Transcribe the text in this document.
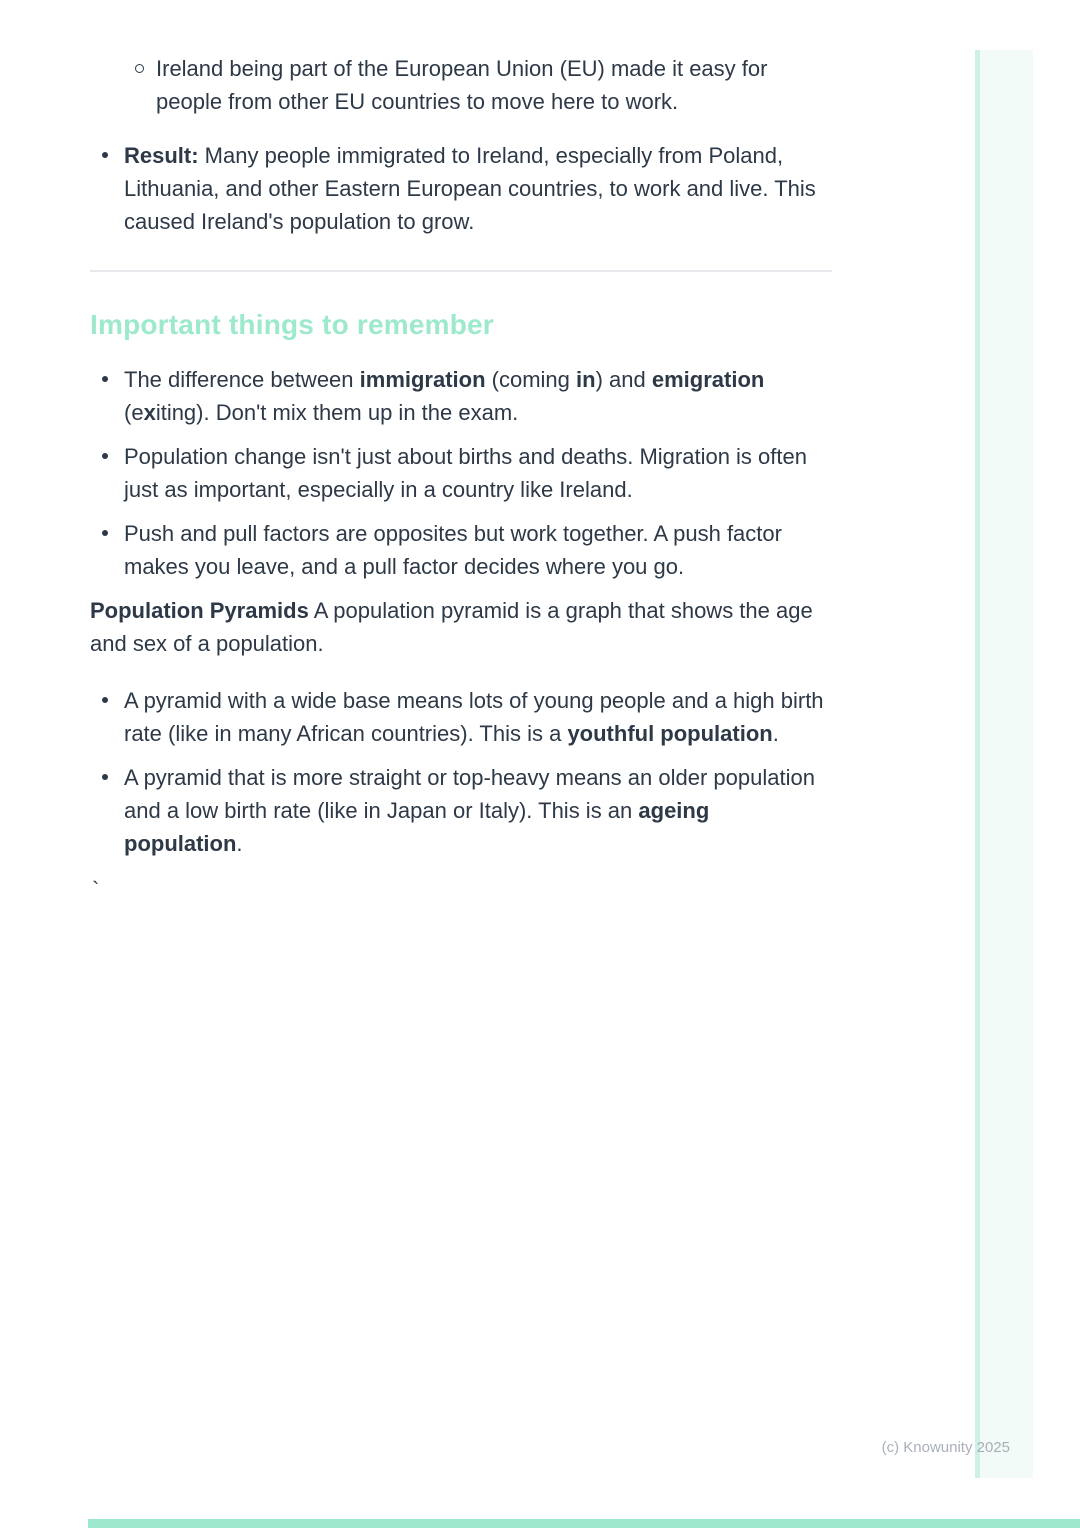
Ireland being part of the European Union (EU) made it easy for people from other EU countries to move here to work.
Result: Many people immigrated to Ireland, especially from Poland, Lithuania, and other Eastern European countries, to work and live. This caused Ireland's population to grow.
Important things to remember
The difference between immigration (coming in) and emigration (exiting). Don't mix them up in the exam.
Population change isn't just about births and deaths. Migration is often just as important, especially in a country like Ireland.
Push and pull factors are opposites but work together. A push factor makes you leave, and a pull factor decides where you go.

Population Pyramids A population pyramid is a graph that shows the age and sex of a population.

A pyramid with a wide base means lots of young people and a high birth rate (like in many African countries). This is a youthful population.
A pyramid that is more straight or top-heavy means an older population and a low birth rate (like in Japan or Italy). This is an ageing population.

`

(c) Knowunity 2025
